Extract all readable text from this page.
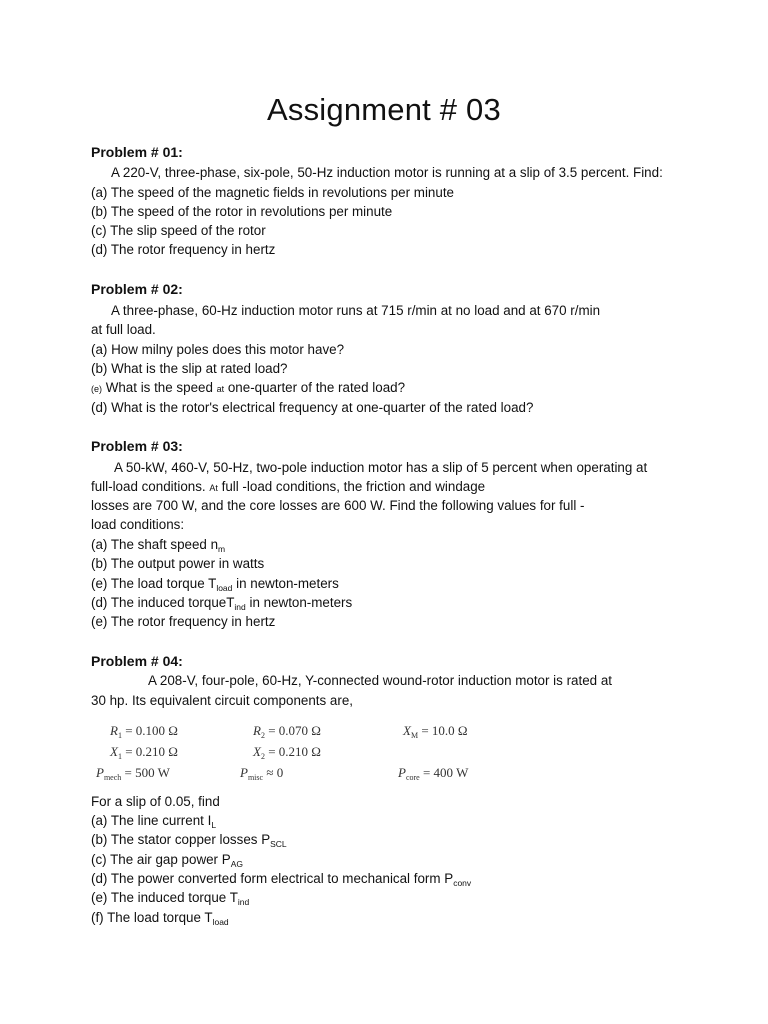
Assignment # 03
Problem # 01:
A 220-V, three-phase, six-pole, 50-Hz induction motor is running at a slip of 3.5 percent. Find:
(a) The speed of the magnetic fields in revolutions per minute
(b) The speed of the rotor in revolutions per minute
(c) The slip speed of the rotor
(d) The rotor frequency in hertz
Problem # 02:
A three-phase, 60-Hz induction motor runs at 715 r/min at no load and at 670 r/min
at full load.
(a) How milny poles does this motor have?
(b) What is the slip at rated load?
(e) What is the speed at one-quarter of the rated load?
(d) What is the rotor's electrical frequency at one-quarter of the rated load?
Problem # 03:
A 50-kW, 460-V, 50-Hz, two-pole induction motor has a slip of 5 percent when operating at
full-load conditions. At full -load conditions, the friction and windage
losses are 700 W, and the core losses are 600 W. Find the following values for full -
load conditions:
(a) The shaft speed $n_m$
(b) The output power in watts
(e) The load torque $T_{load}$ in newton-meters
(d) The induced torqueT$_{ind}$ in newton-meters
(e) The rotor frequency in hertz
Problem # 04:
A 208-V, four-pole, 60-Hz, Y-connected wound-rotor induction motor is rated at
30 hp. Its equivalent circuit components are,
$R_1 = 0.100$ Ω	$R_2 = 0.070$ Ω	$X_M = 10.0$ Ω
$X_1 = 0.210$ Ω	$X_2 = 0.210$ Ω
$P_{mech} = 500$ W	$P_{misc} \approx 0$	$P_{core} = 400$ W
For a slip of 0.05, find
(a) The line current $I_L$
(b) The stator copper losses $P_{SCL}$
(c) The air gap power $P_{AG}$
(d) The power converted form electrical to mechanical form $P_{conv}$
(e) The induced torque $T_{ind}$
(f) The load torque $T_{load}$
